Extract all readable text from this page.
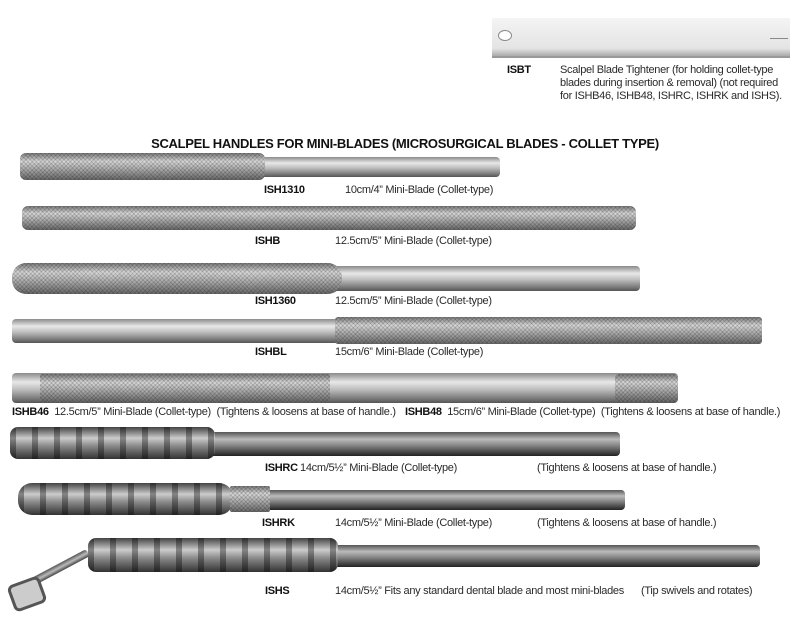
ISBT	Scalpel Blade Tightener (for holding collet-type
blades during insertion & removal) (not required
for ISHB46, ISHB48, ISHRC, ISHRK and ISHS).
SCALPEL HANDLES FOR MINI-BLADES (MICROSURGICAL BLADES - COLLET TYPE)
ISH1310	10cm/4” Mini-Blade (Collet-type)
ISHB	12.5cm/5” Mini-Blade (Collet-type)
ISH1360	12.5cm/5” Mini-Blade (Collet-type)
ISHBL	15cm/6” Mini-Blade (Collet-type)
ISHB46 12.5cm/5” Mini-Blade (Collet-type) (Tightens & loosens at base of handle.) ISHB48 15cm/6” Mini-Blade (Collet-type) (Tightens & loosens at base of handle.)
ISHRC 14cm/5½” Mini-Blade (Collet-type)	(Tightens & loosens at base of handle.)
ISHRK	14cm/5½” Mini-Blade (Collet-type)	(Tightens & loosens at base of handle.)
ISHS	14cm/5½” Fits any standard dental blade and most mini-blades (Tip swivels and rotates)
